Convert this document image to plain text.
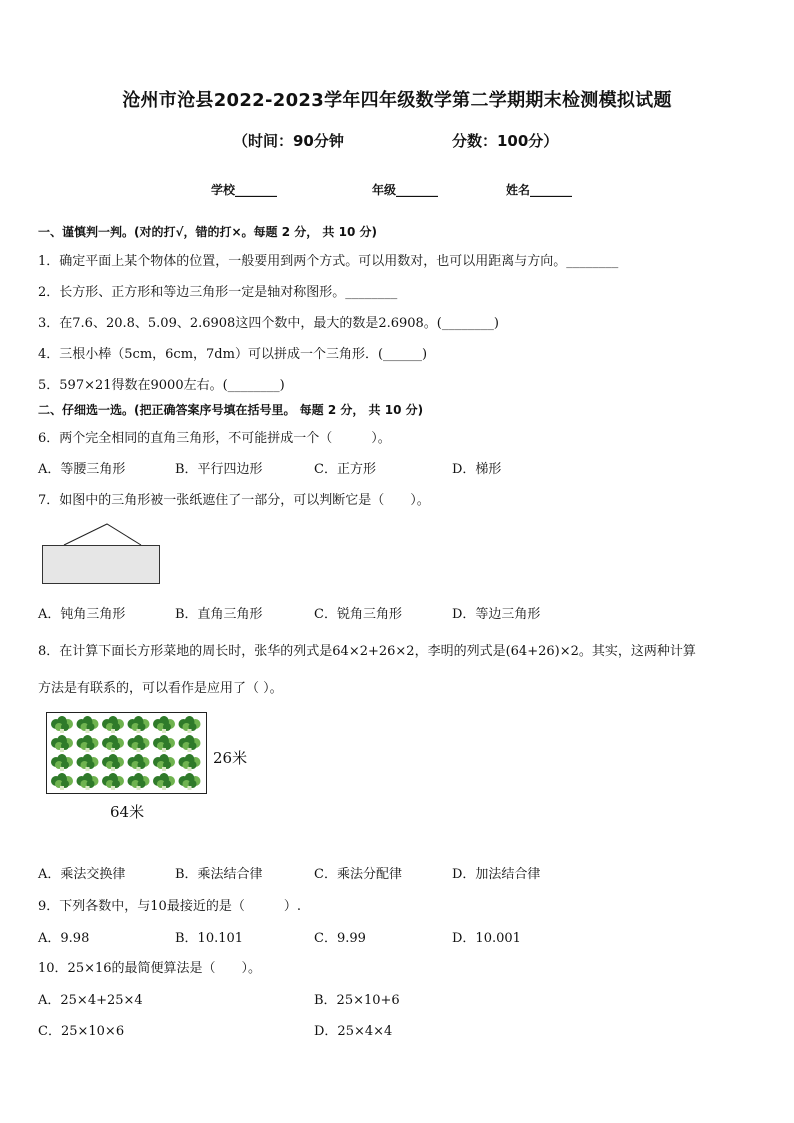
沧州市沧县2022-2023学年四年级数学第二学期期末检测模拟试题
（时间：90分钟	分数：100分）
学校_______	年级_______	姓名_______
一、谨慎判一判。(对的打√，错的打×。每题 2 分， 共 10 分)
1．确定平面上某个物体的位置，一般要用到两个方式。可以用数对，也可以用距离与方向。________
2．长方形、正方形和等边三角形一定是轴对称图形。________
3．在7.6、20.8、5.09、2.6908这四个数中，最大的数是2.6908。(________)
4．三根小棒（5cm，6cm，7dm）可以拼成一个三角形．(______)
5．597×21得数在9000左右。(________)
二、仔细选一选。(把正确答案序号填在括号里。 每题 2 分， 共 10 分)
6．两个完全相同的直角三角形，不可能拼成一个（　　　）。
A．等腰三角形	B．平行四边形	C．正方形	D．梯形
7．如图中的三角形被一张纸遮住了一部分，可以判断它是（　　）。
A．钝角三角形	B．直角三角形	C．锐角三角形	D．等边三角形
8．在计算下面长方形菜地的周长时，张华的列式是64×2+26×2，李明的列式是(64+26)×2。其实，这两种计算
方法是有联系的，可以看作是应用了（ ）。
26米
64米
A．乘法交换律	B．乘法结合律	C．乘法分配律	D．加法结合律
9．下列各数中，与10最接近的是（　　　）.
A．9.98	B．10.101	C．9.99	D．10.001
10．25×16的最简便算法是（　　）。
A．25×4+25×4	B．25×10+6
C．25×10×6	D．25×4×4
